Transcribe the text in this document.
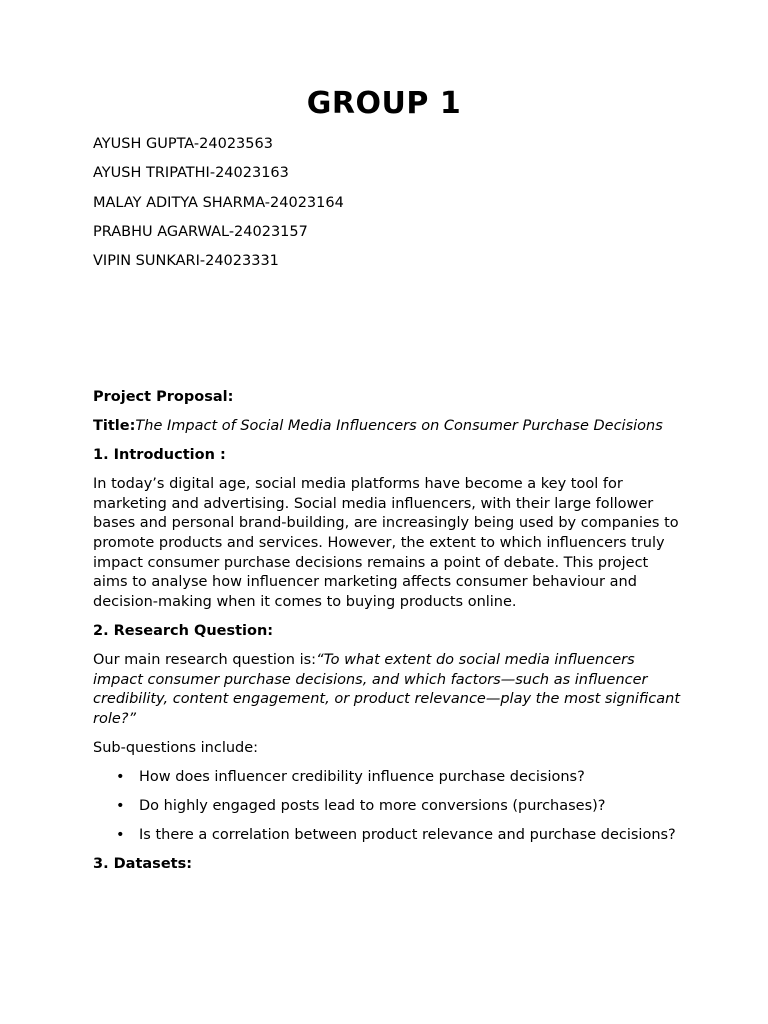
GROUP 1
AYUSH GUPTA-24023563
AYUSH TRIPATHI-24023163
MALAY ADITYA SHARMA-24023164
PRABHU AGARWAL-24023157
VIPIN SUNKARI-24023331

Project Proposal:

Title:The Impact of Social Media Influencers on Consumer Purchase Decisions

1. Introduction :

In today’s digital age, social media platforms have become a key tool for marketing and advertising. Social media influencers, with their large follower bases and personal brand-building, are increasingly being used by companies to promote products and services. However, the extent to which influencers truly impact consumer purchase decisions remains a point of debate. This project aims to analyse how influencer marketing affects consumer behaviour and decision-making when it comes to buying products online.

2. Research Question:

Our main research question is:“To what extent do social media influencers impact consumer purchase decisions, and which factors—such as influencer credibility, content engagement, or product relevance—play the most significant role?”

Sub-questions include:

• How does influencer credibility influence purchase decisions?
• Do highly engaged posts lead to more conversions (purchases)?
• Is there a correlation between product relevance and purchase decisions?

3. Datasets:
